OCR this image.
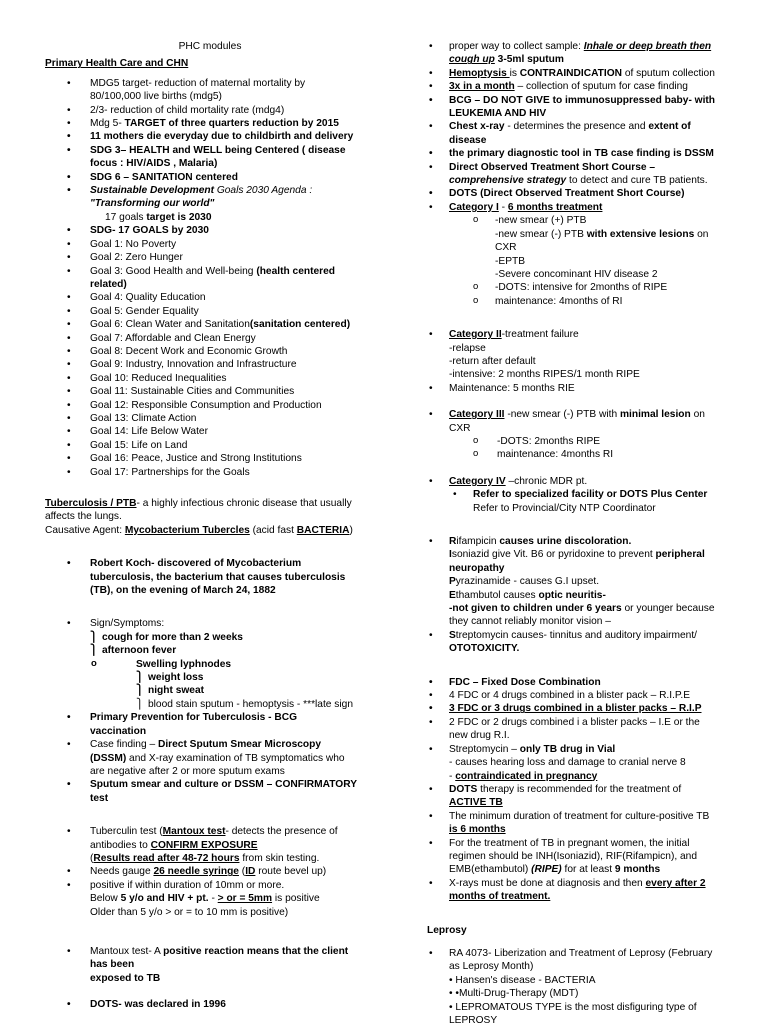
PHC modules
Primary Health Care and CHN
• MDG5 target- reduction of maternal mortality by
80/100,000 live births (mdg5)
• 2/3- reduction of child mortality rate (mdg4)
• Mdg 5- TARGET of three quarters reduction by 2015
• 11 mothers die everyday due to childbirth and delivery
• SDG 3– HEALTH and WELL being Centered ( disease
focus : HIV/AIDS , Malaria)
• SDG 6 – SANITATION centered
• Sustainable Development Goals 2030 Agenda :
"Transforming our world"
17 goals target is 2030
• SDG- 17 GOALS by 2030
• Goal 1: No Poverty
• Goal 2: Zero Hunger
• Goal 3: Good Health and Well-being (health centered
related)
• Goal 4: Quality Education
• Goal 5: Gender Equality
• Goal 6: Clean Water and Sanitation(sanitation centered)
• Goal 7: Affordable and Clean Energy
• Goal 8: Decent Work and Economic Growth
• Goal 9: Industry, Innovation and Infrastructure
• Goal 10: Reduced Inequalities
• Goal 11: Sustainable Cities and Communities
• Goal 12: Responsible Consumption and Production
• Goal 13: Climate Action
• Goal 14: Life Below Water
• Goal 15: Life on Land
• Goal 16: Peace, Justice and Strong Institutions
• Goal 17: Partnerships for the Goals
Tuberculosis / PTB- a highly infectious chronic disease that usually
affects the lungs.
Causative Agent: Mycobacterium Tubercles (acid fast BACTERIA)
• Robert Koch- discovered of Mycobacterium
tuberculosis, the bacterium that causes tuberculosis
(TB), on the evening of March 24, 1882
• Sign/Symptoms:
⎫ cough for more than 2 weeks
⎫ afternoon fever
o Swelling lyphnodes
⎫ weight loss
⎫ night sweat
⎫ blood stain sputum - hemoptysis - ***late sign
• Primary Prevention for Tuberculosis - BCG
vaccination
• Case finding – Direct Sputum Smear Microscopy
(DSSM) and X-ray examination of TB symptomatics who
are negative after 2 or more sputum exams
• Sputum smear and culture or DSSM – CONFIRMATORY
test
• Tuberculin test (Mantoux test- detects the presence of
antibodies to CONFIRM EXPOSURE
(Results read after 48-72 hours from skin testing.
• Needs gauge 26 needle syringe (ID route bevel up)
• positive if within duration of 10mm or more.
Below 5 y/o and HIV + pt. - > or = 5mm is positive
Older than 5 y/o > or = to 10 mm is positive)
• Mantoux test- A positive reaction means that the client
has been
exposed to TB
• DOTS- was declared in 1996
• proper way to collect sample: Inhale or deep breath then
cough up 3-5ml sputum
• Hemoptysis is CONTRAINDICATION of sputum collection
• 3x in a month – collection of sputum for case finding
• BCG – DO NOT GIVE to immunosuppressed baby- with
LEUKEMIA AND HIV
• Chest x-ray - determines the presence and extent of
disease
• the primary diagnostic tool in TB case finding is DSSM
• Direct Observed Treatment Short Course –
comprehensive strategy to detect and cure TB patients.
• DOTS (Direct Observed Treatment Short Course)
• Category I - 6 months treatment
o -new smear (+) PTB
-new smear (-) PTB with extensive lesions on
CXR
-EPTB
-Severe concominant HIV disease 2
o -DOTS: intensive for 2months of RIPE
o maintenance: 4months of RI
• Category II-treatment failure
-relapse
-return after default
-intensive: 2 months RIPES/1 month RIPE
• Maintenance: 5 months RIE
• Category III -new smear (-) PTB with minimal lesion on
CXR
o -DOTS: 2months RIPE
o maintenance: 4months RI
• Category IV –chronic MDR pt.
• Refer to specialized facility or DOTS Plus Center
Refer to Provincial/City NTP Coordinator
• Rifampicin causes urine discoloration.
Isoniazid give Vit. B6 or pyridoxine to prevent peripheral
neuropathy
Pyrazinamide - causes G.I upset.
Ethambutol causes optic neuritis-
-not given to children under 6 years or younger because
they cannot reliably monitor vision –
• Streptomycin causes- tinnitus and auditory impairment/
OTOTOXICITY.
• FDC – Fixed Dose Combination
• 4 FDC or 4 drugs combined in a blister pack – R.I.P.E
• 3 FDC or 3 drugs combined in a blister packs – R.I.P
• 2 FDC or 2 drugs combined i a blister packs – I.E or the
new drug R.I.
• Streptomycin – only TB drug in Vial
- causes hearing loss and damage to cranial nerve 8
- contraindicated in pregnancy
• DOTS therapy is recommended for the treatment of
ACTIVE TB
• The minimum duration of treatment for culture-positive TB
is 6 months
• For the treatment of TB in pregnant women, the initial
regimen should be INH(Isoniazid), RIF(Rifampicn), and
EMB(ethambutol) (RIPE) for at least 9 months
• X-rays must be done at diagnosis and then every after 2
months of treatment.
Leprosy
• RA 4073- Liberization and Treatment of Leprosy (February
as Leprosy Month)
• Hansen's disease - BACTERIA
• •Multi-Drug-Therapy (MDT)
• LEPROMATOUS TYPE is the most disfiguring type of
LEPROSY
